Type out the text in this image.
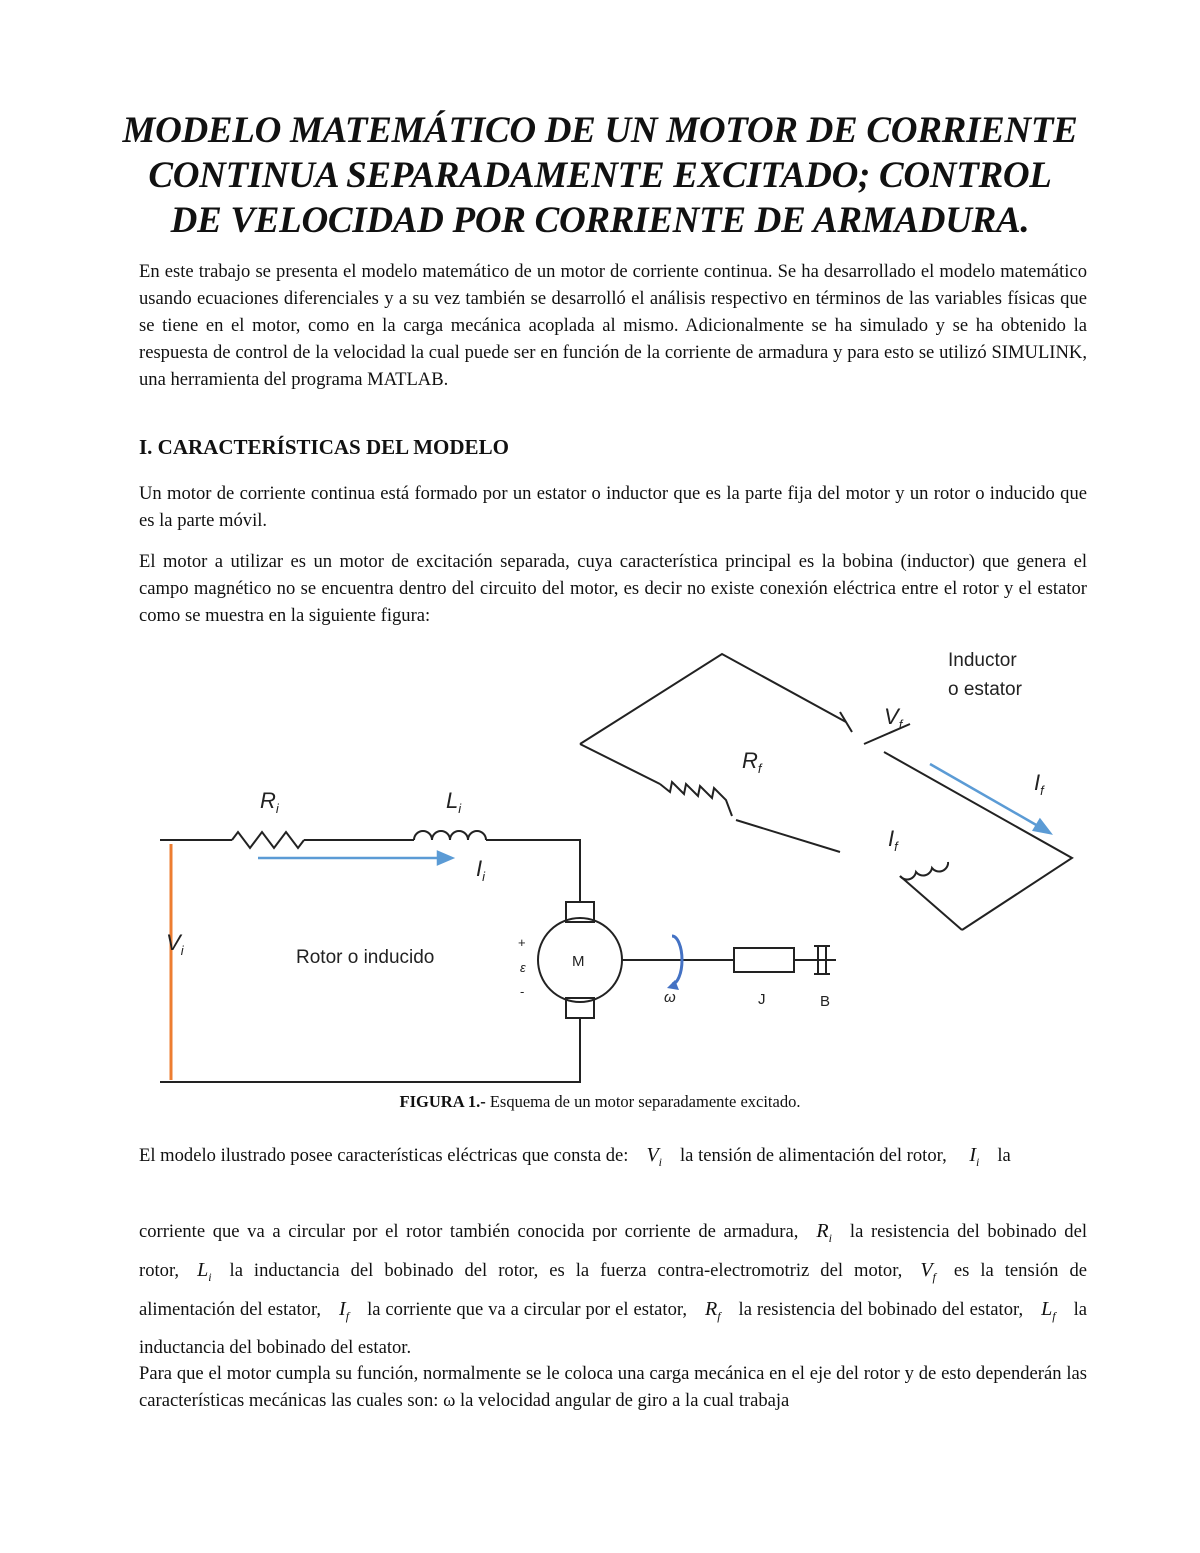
MODELO MATEMÁTICO DE UN MOTOR DE CORRIENTE CONTINUA SEPARADAMENTE EXCITADO; CONTROL DE VELOCIDAD POR CORRIENTE DE ARMADURA.

En este trabajo se presenta el modelo matemático de un motor de corriente continua. Se ha desarrollado el modelo matemático usando ecuaciones diferenciales y a su vez también se desarrolló el análisis respectivo en términos de las variables físicas que se tiene en el motor, como en la carga mecánica acoplada al mismo. Adicionalmente se ha simulado y se ha obtenido la respuesta de control de la velocidad la cual puede ser en función de la corriente de armadura y para esto se utilizó SIMULINK, una herramienta del programa MATLAB.

I. CARACTERÍSTICAS DEL MODELO

Un motor de corriente continua está formado por un estator o inductor que es la parte fija del motor y un rotor o inducido que es la parte móvil.

El motor a utilizar es un motor de excitación separada, cuya característica principal es la bobina (inductor) que genera el campo magnético no se encuentra dentro del circuito del motor, es decir no existe conexión eléctrica entre el rotor y el estator como se muestra en la siguiente figura:

$R_i$	$L_i$
$I_i$
$V_i$
$R_f$
$V_f$
$I_f$
$I_f$
Inductor
o estator
Rotor o inducido	M
J	B
ω
+
ε
-
FIGURA 1.- Esquema de un motor separadamente excitado.

El modelo ilustrado posee características eléctricas que consta de: $V_i$ la tensión de alimentación del rotor, $I_i$ la

corriente que va a circular por el rotor también conocida por corriente de armadura, $R_i$ la resistencia del bobinado del rotor, $L_i$ la inductancia del bobinado del rotor, es la fuerza contra-electromotriz del motor, $V_f$ es la tensión de alimentación del estator, $I_f$ la corriente que va a circular por el estator, $R_f$ la resistencia del bobinado del estator, $L_f$ la inductancia del bobinado del estator.

Para que el motor cumpla su función, normalmente se le coloca una carga mecánica en el eje del rotor y de esto dependerán las características mecánicas las cuales son: ω la velocidad angular de giro a la cual trabaja
